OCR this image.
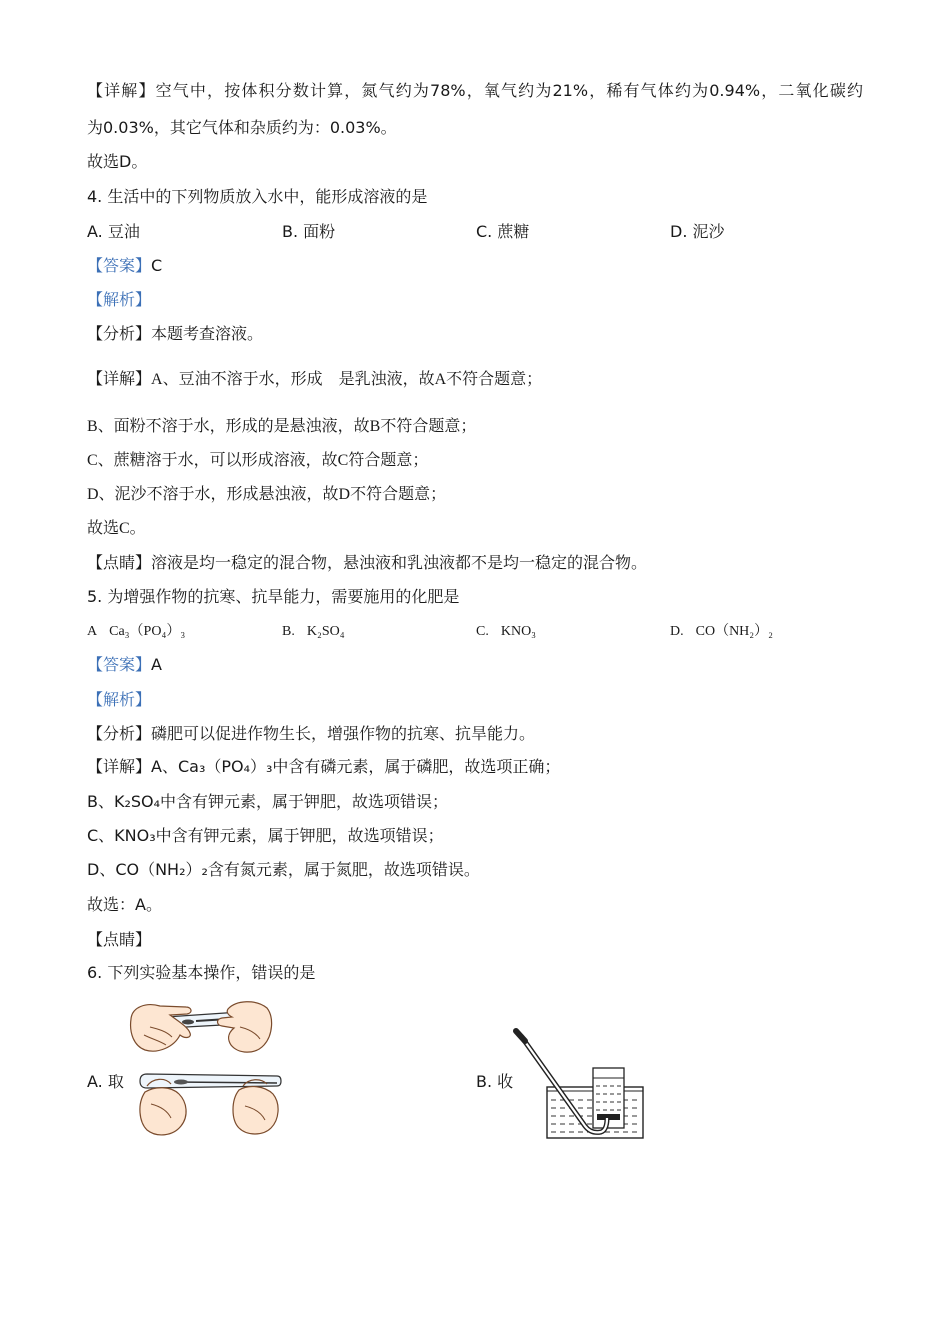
【详解】空气中，按体积分数计算，氮气约为78%，氧气约为21%，稀有气体约为0.94%，二氧化碳约
为0.03%，其它气体和杂质约为：0.03%。
故选D。
4. 生活中的下列物质放入水中，能形成溶液的是
A. 豆油	B. 面粉	C. 蔗糖	D. 泥沙
【答案】C
【解析】
【分析】本题考查溶液。
【详解】A、豆油不溶于水，形成　是乳浊液，故A不符合题意；
B、面粉不溶于水，形成的是悬浊液，故B不符合题意；
C、蔗糖溶于水，可以形成溶液，故C符合题意；
D、泥沙不溶于水，形成悬浊液，故D不符合题意；
故选C。
【点睛】溶液是均一稳定的混合物，悬浊液和乳浊液都不是均一稳定的混合物。
5. 为增强作物的抗寒、抗旱能力，需要施用的化肥是
A Ca₃（PO₄）₃	B. K₂SO₄	C. KNO₃	D. CO（NH₂）₂
【答案】A
【解析】
【分析】磷肥可以促进作物生长，增强作物的抗寒、抗旱能力。
【详解】A、Ca₃（PO₄）₃中含有磷元素，属于磷肥，故选项正确；
B、K₂SO₄中含有钾元素，属于钾肥，故选项错误；
C、KNO₃中含有钾元素，属于钾肥，故选项错误；
D、CO（NH₂）₂含有氮元素，属于氮肥，故选项错误。
故选：A。
【点睛】
6. 下列实验基本操作，错误的是
A. 取	B. 收
